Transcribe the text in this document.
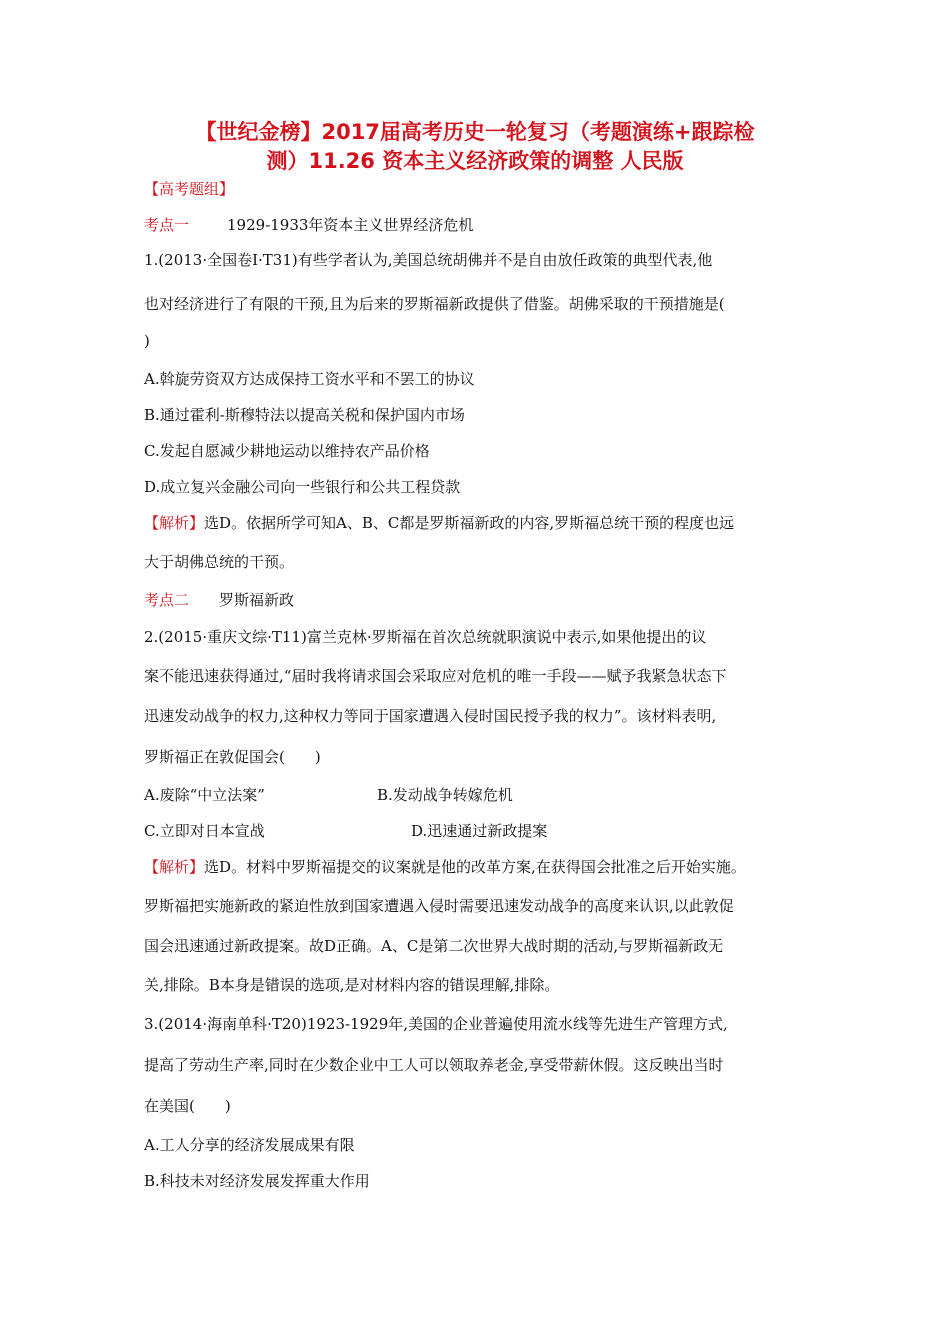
【世纪金榜】2017届高考历史一轮复习（考题演练+跟踪检
测）11.26 资本主义经济政策的调整 人民版
【高考题组】
考点一	1929-1933年资本主义世界经济危机
1.(2013·全国卷Ⅰ·T31)有些学者认为,美国总统胡佛并不是自由放任政策的典型代表,他
也对经济进行了有限的干预,且为后来的罗斯福新政提供了借鉴。胡佛采取的干预措施是(
)
A.斡旋劳资双方达成保持工资水平和不罢工的协议
B.通过霍利-斯穆特法以提高关税和保护国内市场
C.发起自愿减少耕地运动以维持农产品价格
D.成立复兴金融公司向一些银行和公共工程贷款
【解析】选D。依据所学可知A、B、C都是罗斯福新政的内容,罗斯福总统干预的程度也远
大于胡佛总统的干预。
考点二 罗斯福新政
2.(2015·重庆文综·T11)富兰克林·罗斯福在首次总统就职演说中表示,如果他提出的议
案不能迅速获得通过,“届时我将请求国会采取应对危机的唯一手段——赋予我紧急状态下
迅速发动战争的权力,这种权力等同于国家遭遇入侵时国民授予我的权力”。该材料表明,
罗斯福正在敦促国会(　　)
A.废除“中立法案”	B.发动战争转嫁危机
C.立即对日本宣战	D.迅速通过新政提案
【解析】选D。材料中罗斯福提交的议案就是他的改革方案,在获得国会批准之后开始实施。
罗斯福把实施新政的紧迫性放到国家遭遇入侵时需要迅速发动战争的高度来认识,以此敦促
国会迅速通过新政提案。故D正确。A、C是第二次世界大战时期的活动,与罗斯福新政无
关,排除。B本身是错误的选项,是对材料内容的错误理解,排除。
3.(2014·海南单科·T20)1923-1929年,美国的企业普遍使用流水线等先进生产管理方式,
提高了劳动生产率,同时在少数企业中工人可以领取养老金,享受带薪休假。这反映出当时
在美国(　　)
A.工人分享的经济发展成果有限
B.科技未对经济发展发挥重大作用
